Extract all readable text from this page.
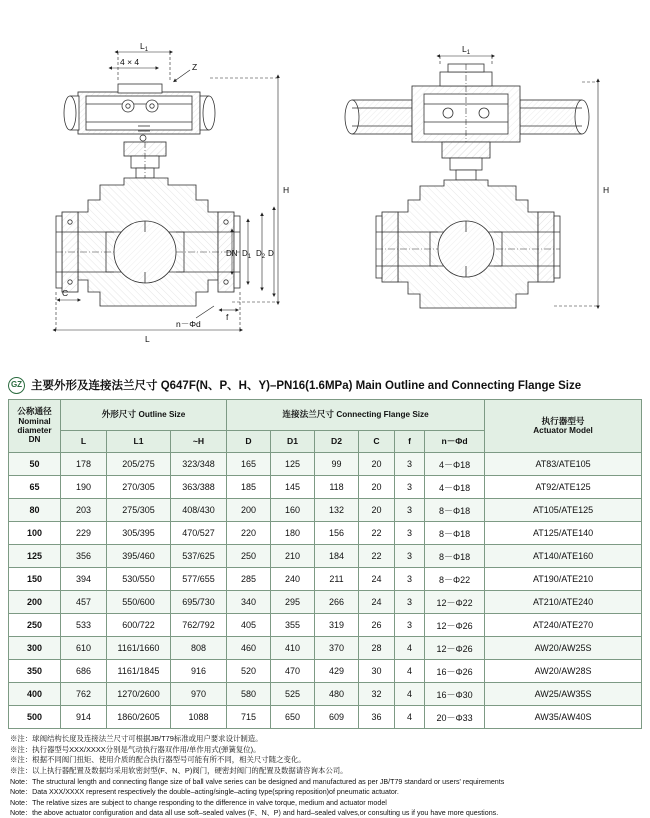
$L_1$
4 × 4	Z
H
DN $D_1$ $D_2$ D
C
f
n－Φd
L
$L_1$
H
GZ 主要外形及连接法兰尺寸 Q647F(N、P、H、Y)–PN16(1.6MPa) Main Outline and Connecting Flange Size
公称通径
Nominal diameter
DN
	外形尺寸 Outline Size	连接法兰尺寸 Connecting Flange Size	
执行器型号
Actuator Model

	L	L1	~H	D	D1	D2	C	f	n－Φd	
50	178	205/275	323/348	165	125	99	20	3	4－Φ18	AT83/ATE105
65	190	270/305	363/388	185	145	118	20	3	4－Φ18	AT92/ATE125
80	203	275/305	408/430	200	160	132	20	3	8－Φ18	AT105/ATE125
100	229	305/395	470/527	220	180	156	22	3	8－Φ18	AT125/ATE140
125	356	395/460	537/625	250	210	184	22	3	8－Φ18	AT140/ATE160
150	394	530/550	577/655	285	240	211	24	3	8－Φ22	AT190/ATE210
200	457	550/600	695/730	340	295	266	24	3	12－Φ22	AT210/ATE240
250	533	600/722	762/792	405	355	319	26	3	12－Φ26	AT240/ATE270
300	610	1161/1660	808	460	410	370	28	4	12－Φ26	AW20/AW25S
350	686	1161/1845	916	520	470	429	30	4	16－Φ26	AW20/AW28S
400	762	1270/2600	970	580	525	480	32	4	16－Φ30	AW25/AW35S
500	914	1860/2605	1088	715	650	609	36	4	20－Φ33	AW35/AW40S
※注：球阀结构长度及连接法兰尺寸可根据JB/T79标准或用户要求设计制造。
※注：执行器型号XXX/XXXX分别是气动执行器双作用/单作用式(弹簧复位)。
※注：根据不同阀门扭矩、使用介质的配合执行器型号可能有所不同，相关尺寸随之变化。
※注：以上执行器配置及数据均采用软密封型(F、N、P)阀门，硬密封阀门的配置及数据请咨询本公司。
Note：The structural length and connecting flange size of ball valve series can be designed and manufactured as per JB/T79 standard or users' requirements
Note：Data XXX/XXXX represent respectively the double–acting/single–acting type(spring reposition)of pneumatic actuator.
Note：The relative sizes are subject to change responding to the difference in valve torque, medium and actuator model
Note：the above actuator configuration and data all use soft–sealed valves (F、N、P) and hard–sealed valves,or consulting us if you have more questions.
